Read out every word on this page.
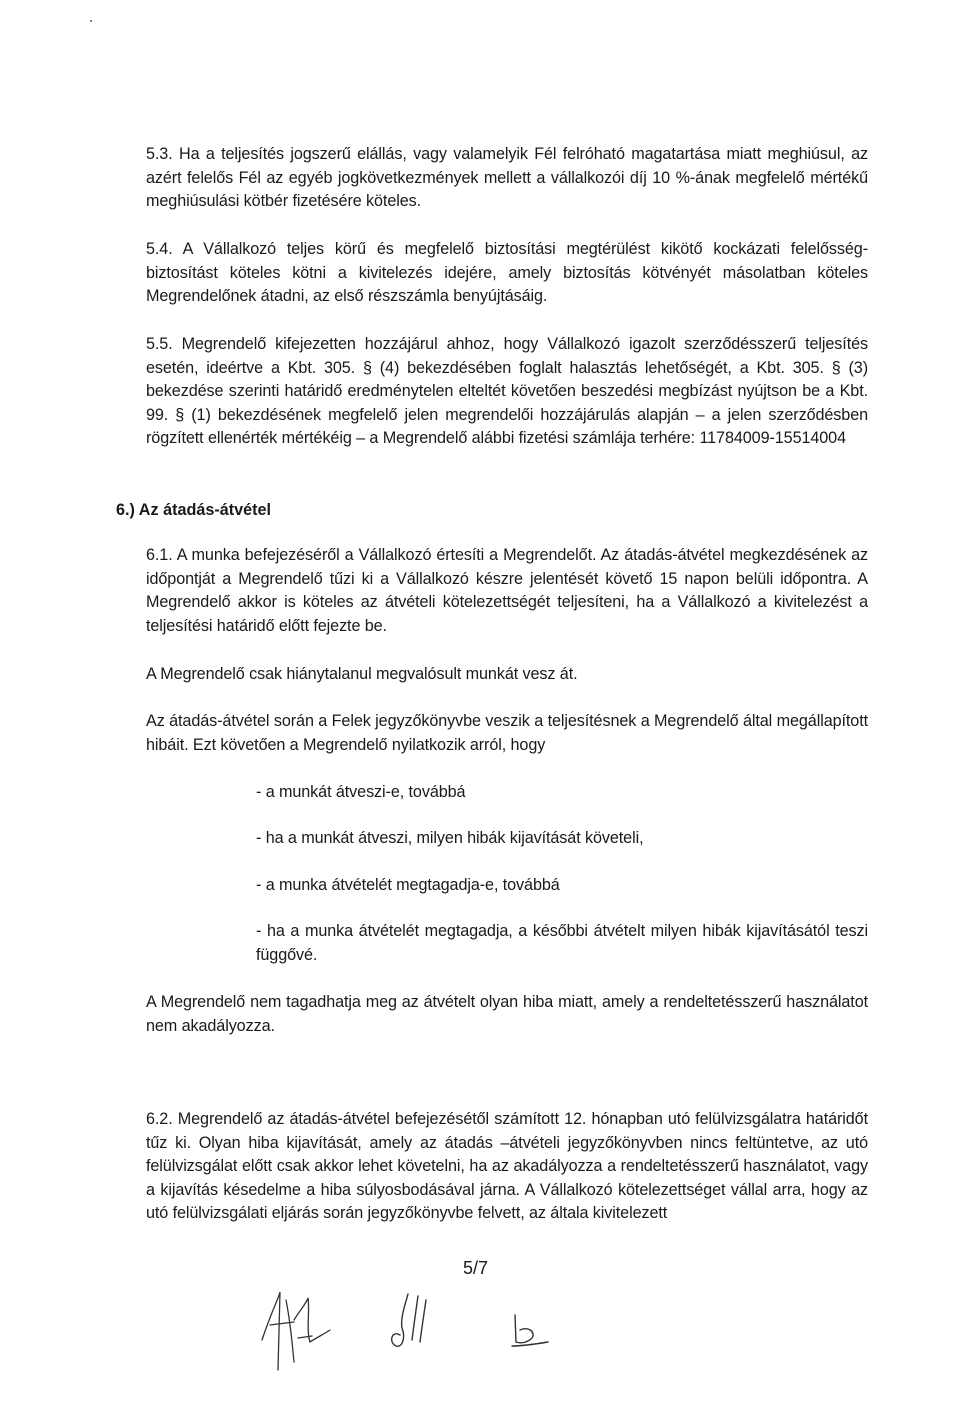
5.3. Ha a teljesítés jogszerű elállás, vagy valamelyik Fél felróható magatartása miatt meghiúsul, az azért felelős Fél az egyéb jogkövetkezmények mellett a vállalkozói díj 10 %-ának megfelelő mértékű meghiúsulási kötbér fizetésére köteles.

5.4. A Vállalkozó teljes körű és megfelelő biztosítási megtérülést kikötő kockázati felelősség-biztosítást köteles kötni a kivitelezés idejére, amely biztosítás kötvényét másolatban köteles Megrendelőnek átadni, az első részszámla benyújtásáig.

5.5. Megrendelő kifejezetten hozzájárul ahhoz, hogy Vállalkozó igazolt szerződésszerű teljesítés esetén, ideértve a Kbt. 305. § (4) bekezdésében foglalt halasztás lehetőségét, a Kbt. 305. § (3) bekezdése szerinti határidő eredménytelen elteltét követően beszedési megbízást nyújtson be a Kbt. 99. § (1) bekezdésének megfelelő jelen megrendelői hozzájárulás alapján – a jelen szerződésben rögzített ellenérték mértékéig – a Megrendelő alábbi fizetési számlája terhére: 11784009-15514004

6.) Az átadás-átvétel

6.1. A munka befejezéséről a Vállalkozó értesíti a Megrendelőt. Az átadás-átvétel megkezdésének az időpontját a Megrendelő tűzi ki a Vállalkozó készre jelentését követő 15 napon belüli időpontra. A Megrendelő akkor is köteles az átvételi kötelezettségét teljesíteni, ha a Vállalkozó a kivitelezést a teljesítési határidő előtt fejezte be.

A Megrendelő csak hiánytalanul megvalósult munkát vesz át.

Az átadás-átvétel során a Felek jegyzőkönyvbe veszik a teljesítésnek a Megrendelő által megállapított hibáit. Ezt követően a Megrendelő nyilatkozik arról, hogy

- a munkát átveszi-e, továbbá

- ha a munkát átveszi, milyen hibák kijavítását követeli,

- a munka átvételét megtagadja-e, továbbá

- ha a munka átvételét megtagadja, a későbbi átvételt milyen hibák kijavításától teszi függővé.

A Megrendelő nem tagadhatja meg az átvételt olyan hiba miatt, amely a rendeltetésszerű használatot nem akadályozza.

6.2. Megrendelő az átadás-átvétel befejezésétől számított 12. hónapban utó felülvizsgálatra határidőt tűz ki. Olyan hiba kijavítását, amely az átadás –átvételi jegyzőkönyvben nincs feltüntetve, az utó felülvizsgálat előtt csak akkor lehet követelni, ha az akadályozza a rendeltetésszerű használatot, vagy a kijavítás késedelme a hiba súlyosbodásával járna. A Vállalkozó kötelezettséget vállal arra, hogy az utó felülvizsgálati eljárás során jegyzőkönyvbe felvett, az általa kivitelezett

5/7
